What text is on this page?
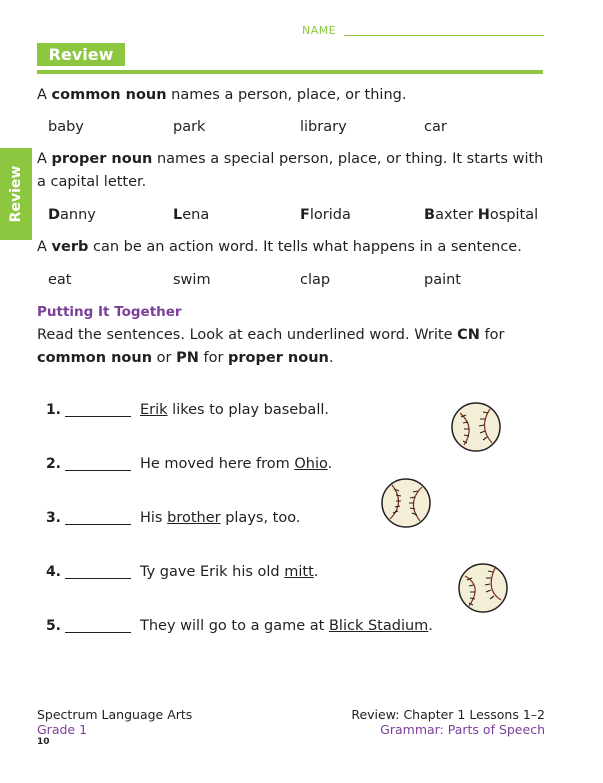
NAME
Review
Review
A common noun names a person, place, or thing.
baby	park	library	car
A proper noun names a special person, place, or thing. It starts with
a capital letter.
Danny	Lena	Florida	Baxter Hospital
A verb can be an action word. It tells what happens in a sentence.
eat	swim	clap	paint
Putting It Together
Read the sentences. Look at each underlined word. Write CN for
common noun or PN for proper noun.
1.	Erik likes to play baseball.
2.	He moved here from Ohio.
3.	His brother plays, too.
4.	Ty gave Erik his old mitt.
5.	They will go to a game at Blick Stadium.
Spectrum Language Arts
Grade 1
Review: Chapter 1 Lessons 1–2
Grammar: Parts of Speech
10
